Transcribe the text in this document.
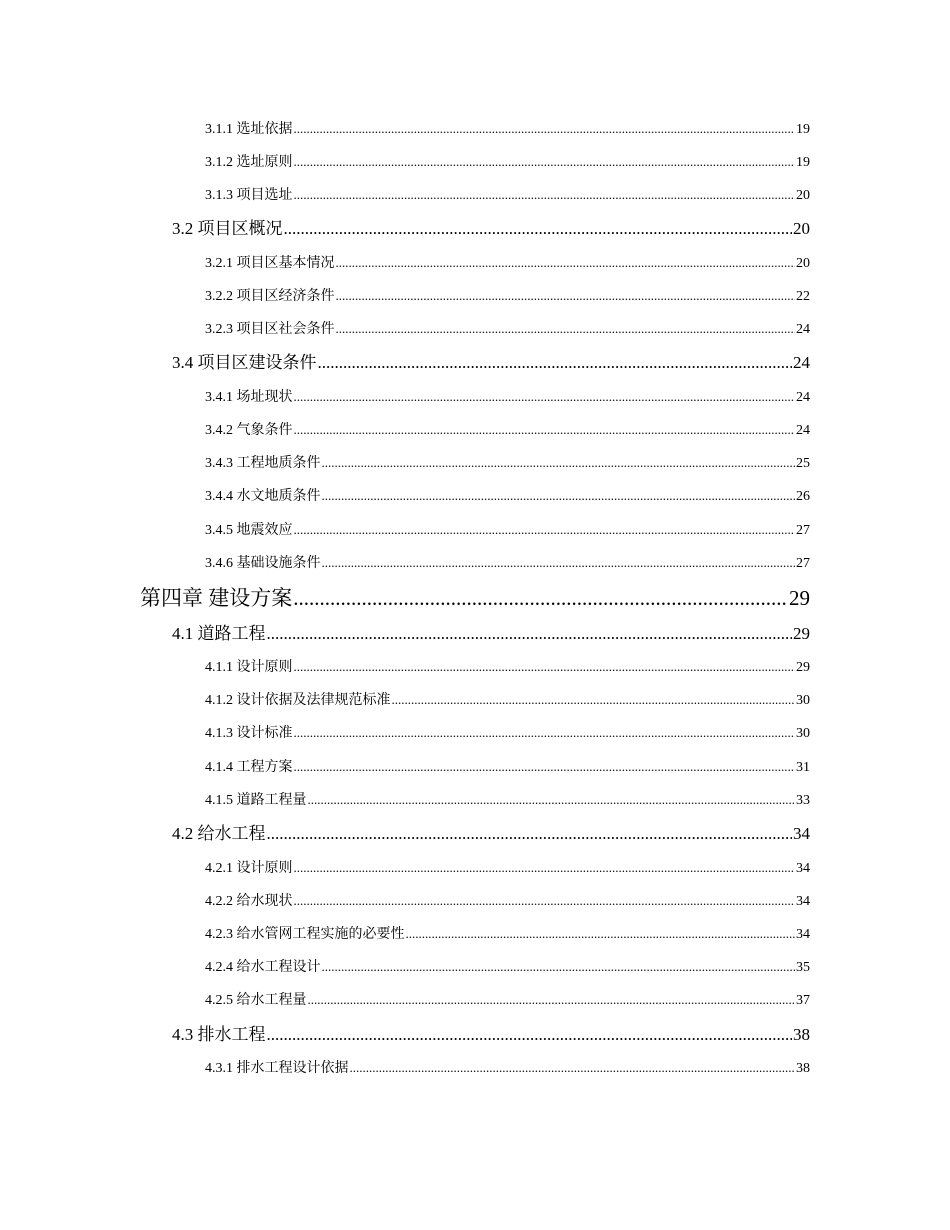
3.1.1 选址依据 .....	19
3.1.2 选址原则 .....	19
3.1.3 项目选址 .....	20
3.2 项目区概况 .....	20
3.2.1 项目区基本情况 .....	20
3.2.2 项目区经济条件 .....	22
3.2.3 项目区社会条件 .....	24
3.4 项目区建设条件 .....	24
3.4.1 场址现状 .....	24
3.4.2 气象条件 .....	24
3.4.3 工程地质条件 .....	25
3.4.4 水文地质条件 .....	26
3.4.5 地震效应 .....	27
3.4.6 基础设施条件 .....	27
第四章 建设方案 .....	29
4.1 道路工程 .....	29
4.1.1 设计原则 .....	29
4.1.2 设计依据及法律规范标准 .....	30
4.1.3 设计标准 .....	30
4.1.4 工程方案 .....	31
4.1.5 道路工程量 .....	33
4.2 给水工程 .....	34
4.2.1 设计原则 .....	34
4.2.2 给水现状 .....	34
4.2.3 给水管网工程实施的必要性 .....	34
4.2.4 给水工程设计 .....	35
4.2.5 给水工程量 .....	37
4.3 排水工程 .....	38
4.3.1 排水工程设计依据 .....	38
